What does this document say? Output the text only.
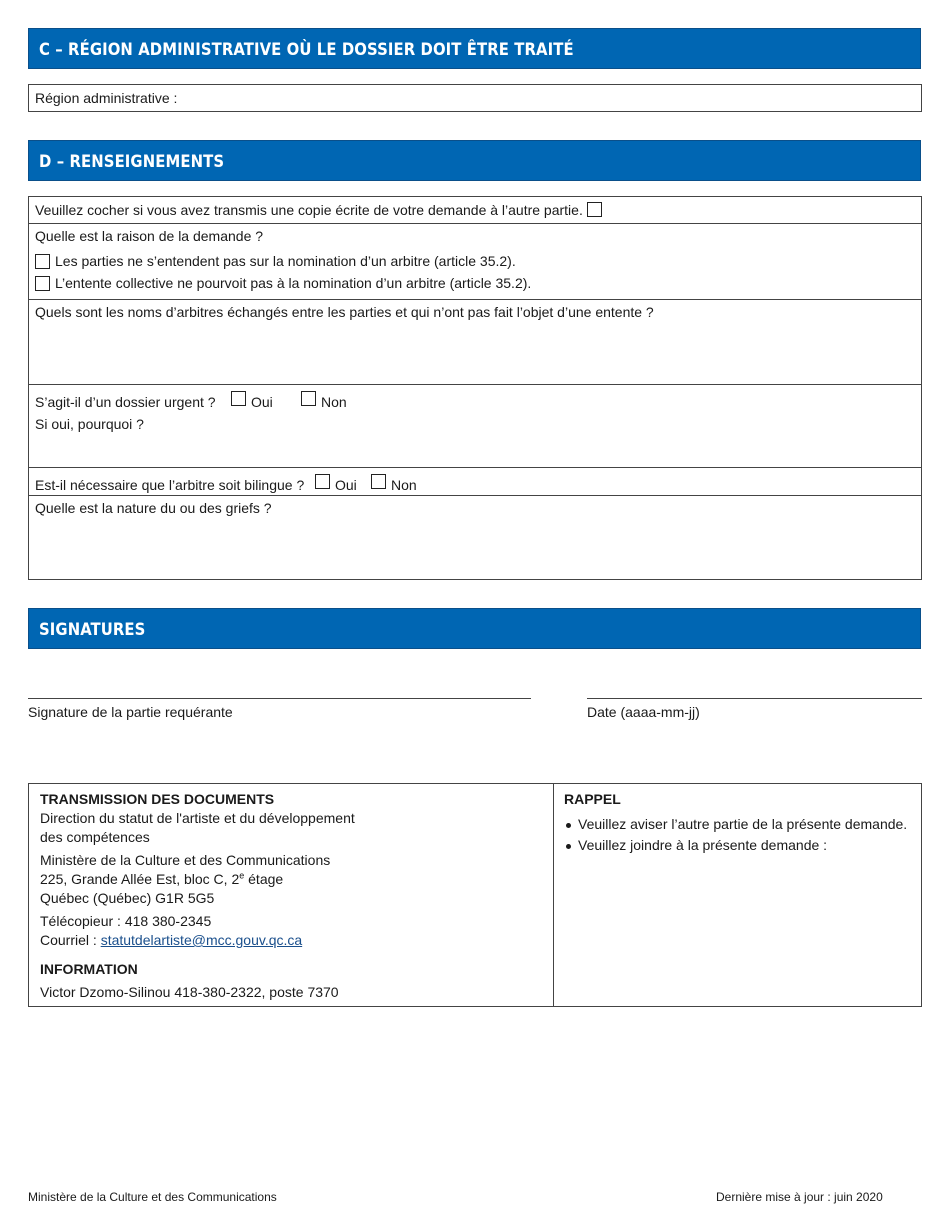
C – RÉGION ADMINISTRATIVE OÙ LE DOSSIER DOIT ÊTRE TRAITÉ
Région administrative :
D – RENSEIGNEMENTS
Veuillez cocher si vous avez transmis une copie écrite de votre demande à l’autre partie.
Quelle est la raison de la demande ?
Les parties ne s’entendent pas sur la nomination d’un arbitre (article 35.2).
L’entente collective ne pourvoit pas à la nomination d’un arbitre (article 35.2).
Quels sont les noms d’arbitres échangés entre les parties et qui n’ont pas fait l’objet d’une entente ?
S’agit-il d’un dossier urgent ?	Oui	Non
Si oui, pourquoi ?
Est-il nécessaire que l’arbitre soit bilingue ? Oui Non
Quelle est la nature du ou des griefs ?
SIGNATURES
Signature de la partie requérante	Date (aaaa-mm-jj)
TRANSMISSION DES DOCUMENTS
Direction du statut de l'artiste et du développement
des compétences
Ministère de la Culture et des Communications
225, Grande Allée Est, bloc C, 2e étage
Québec (Québec) G1R 5G5
Télécopieur : 418 380-2345
Courriel : statutdelartiste@mcc.gouv.qc.ca
INFORMATION
Victor Dzomo-Silinou 418-380-2322, poste 7370
RAPPEL
Veuillez aviser l’autre partie de la présente demande.
Veuillez joindre à la présente demande :
Ministère de la Culture et des Communications	Dernière mise à jour : juin 2020
